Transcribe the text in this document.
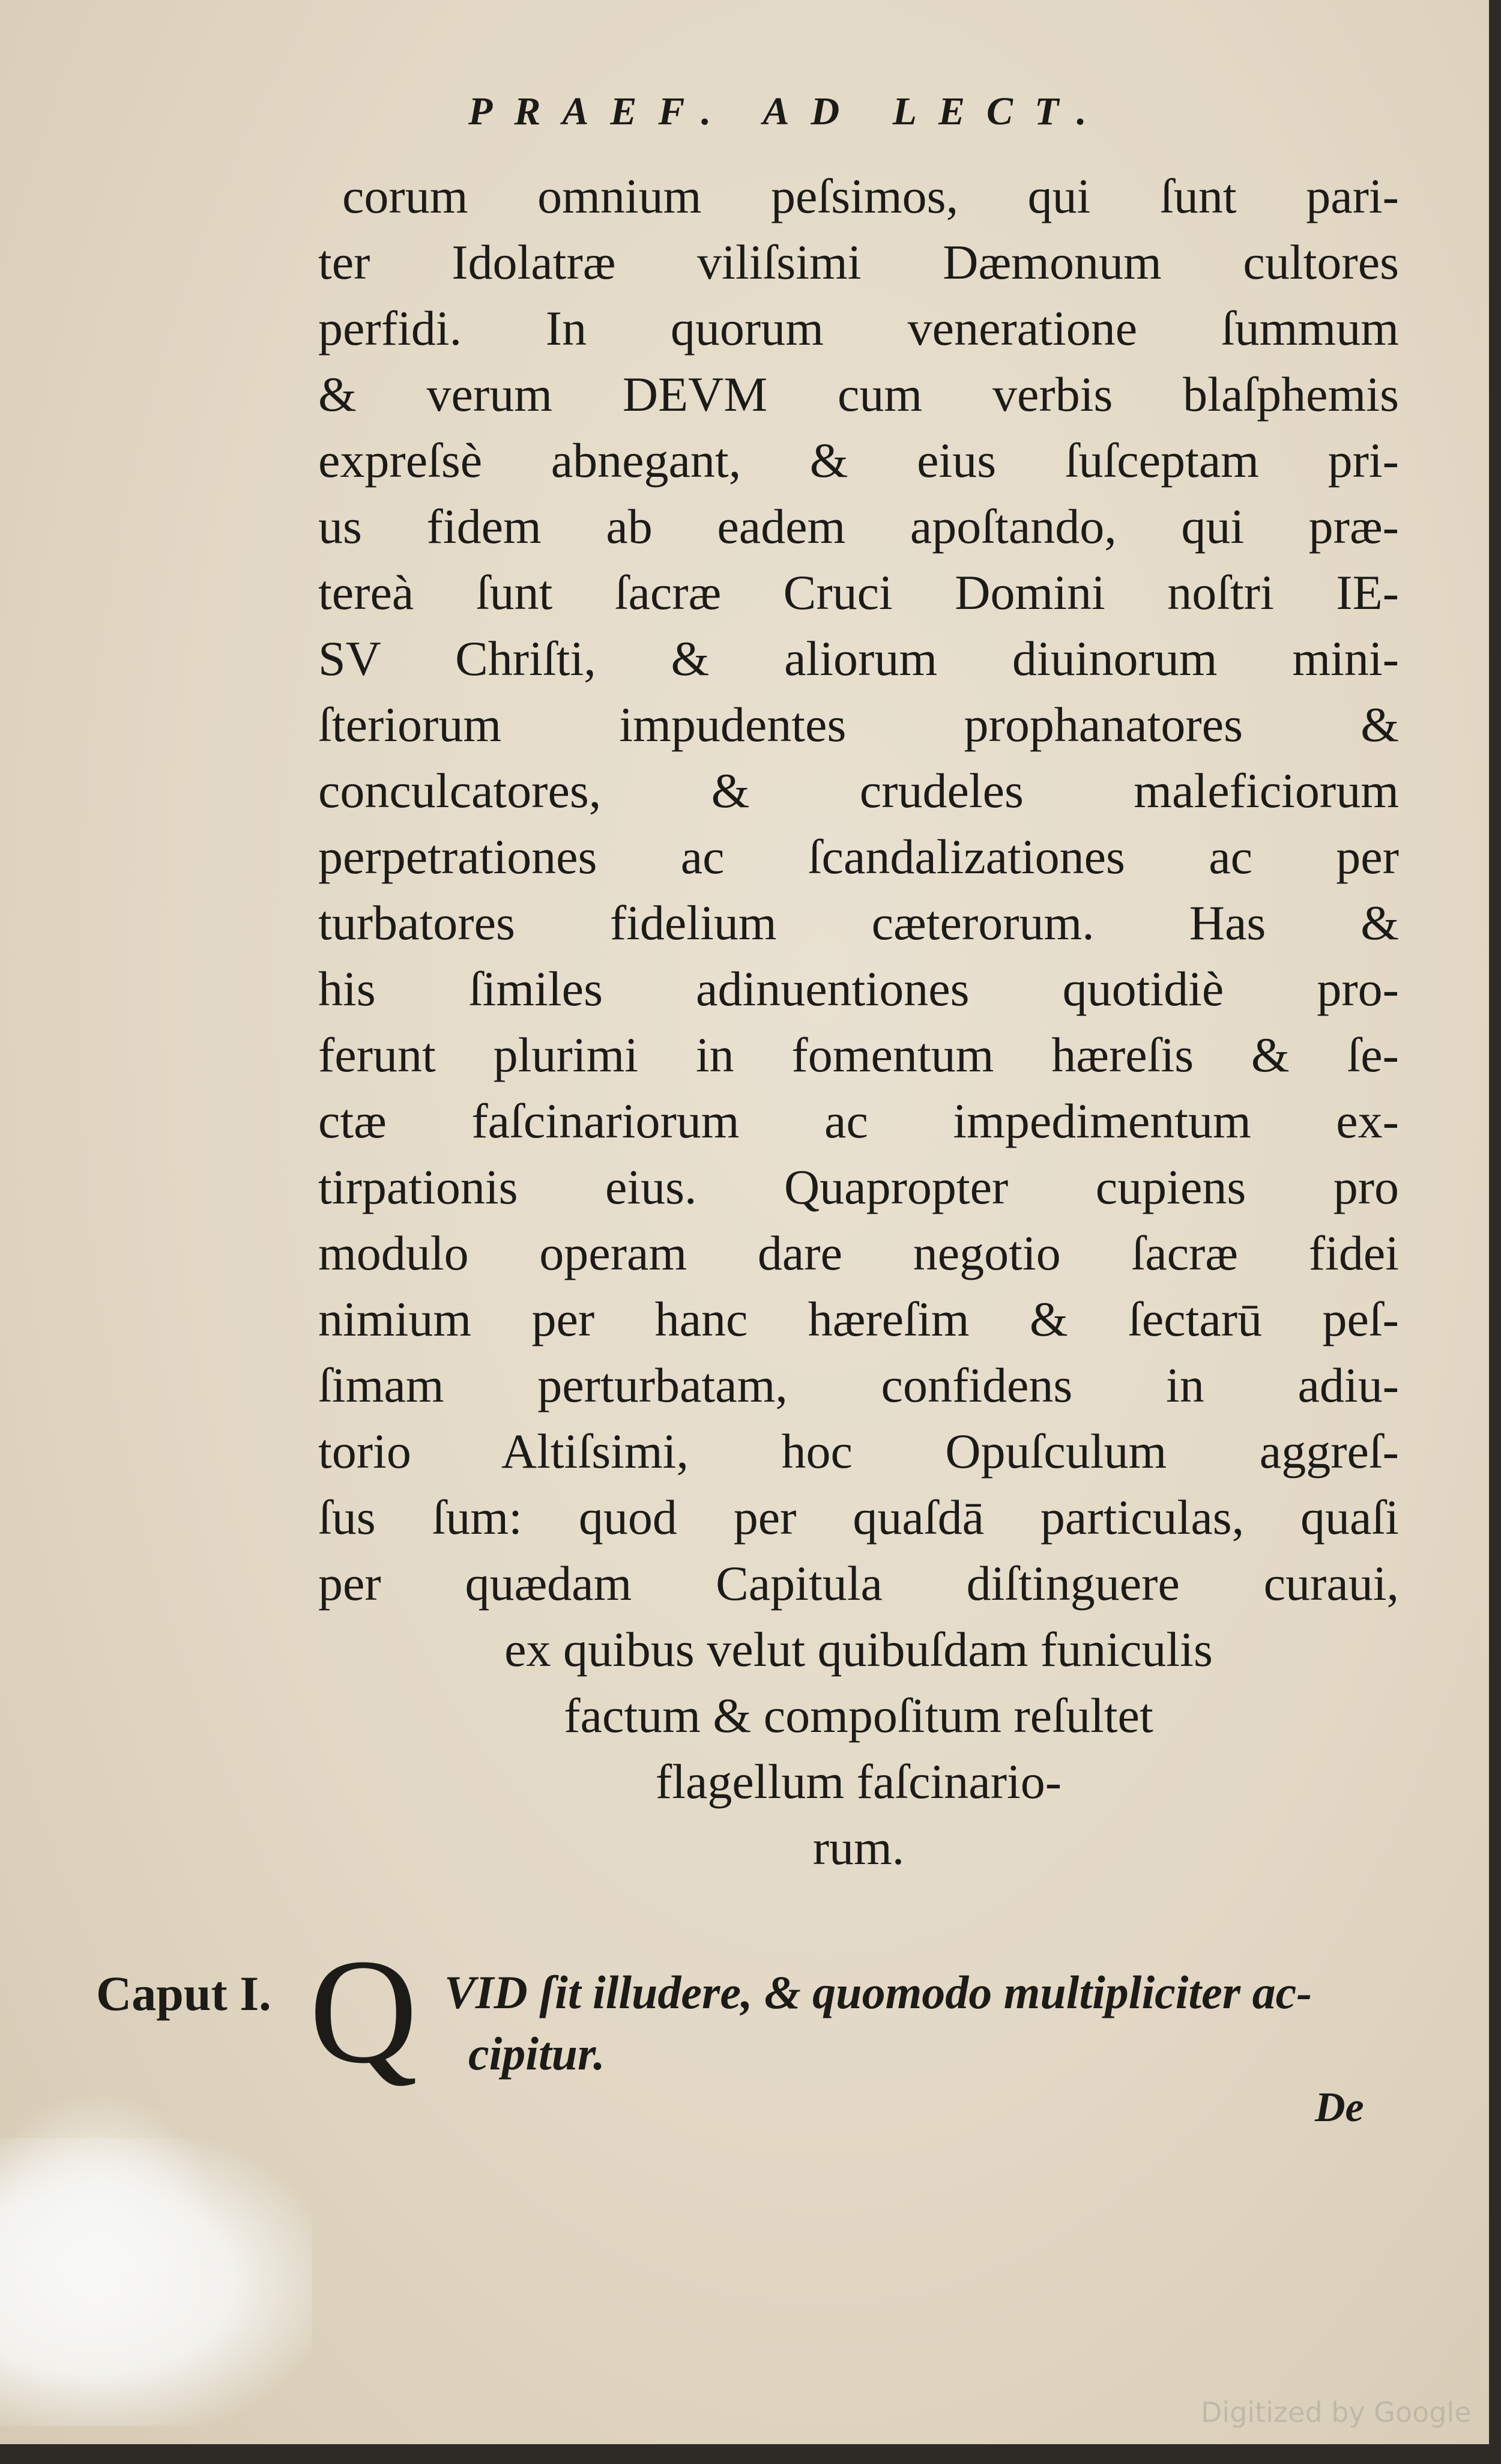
PRAEF. AD LECT.
corum omnium peſsimos, qui ſunt pari-
ter Idolatræ viliſsimi Dæmonum cultores
perfidi. In quorum veneratione ſummum
& verum DEVM cum verbis blaſphemis
expreſsè abnegant, & eius ſuſceptam pri-
us fidem ab eadem apoſtando, qui præ-
tereà ſunt ſacræ Cruci Domini noſtri IE-
SV Chriſti, & aliorum diuinorum mini-
ſteriorum impudentes prophanatores &
conculcatores, & crudeles maleficiorum
perpetrationes ac ſcandalizationes ac per
turbatores fidelium cæterorum. Has &
his ſimiles adinuentiones quotidiè pro-
ferunt plurimi in fomentum hæreſis & ſe-
ctæ faſcinariorum ac impedimentum ex-
tirpationis eius. Quapropter cupiens pro
modulo operam dare negotio ſacræ fidei
nimium per hanc hæreſim & ſectarū peſ-
ſimam perturbatam, confidens in adiu-
torio Altiſsimi, hoc Opuſculum aggreſ-
ſus ſum: quod per quaſdā particulas, quaſi
per quædam Capitula diſtinguere curaui,
ex quibus velut quibuſdam funiculis
factum & compoſitum reſultet
flagellum faſcinario-
rum.
Caput I. Q VID ſit illudere, & quomodo multipliciter ac-
cipitur.
De
Digitized by Google
